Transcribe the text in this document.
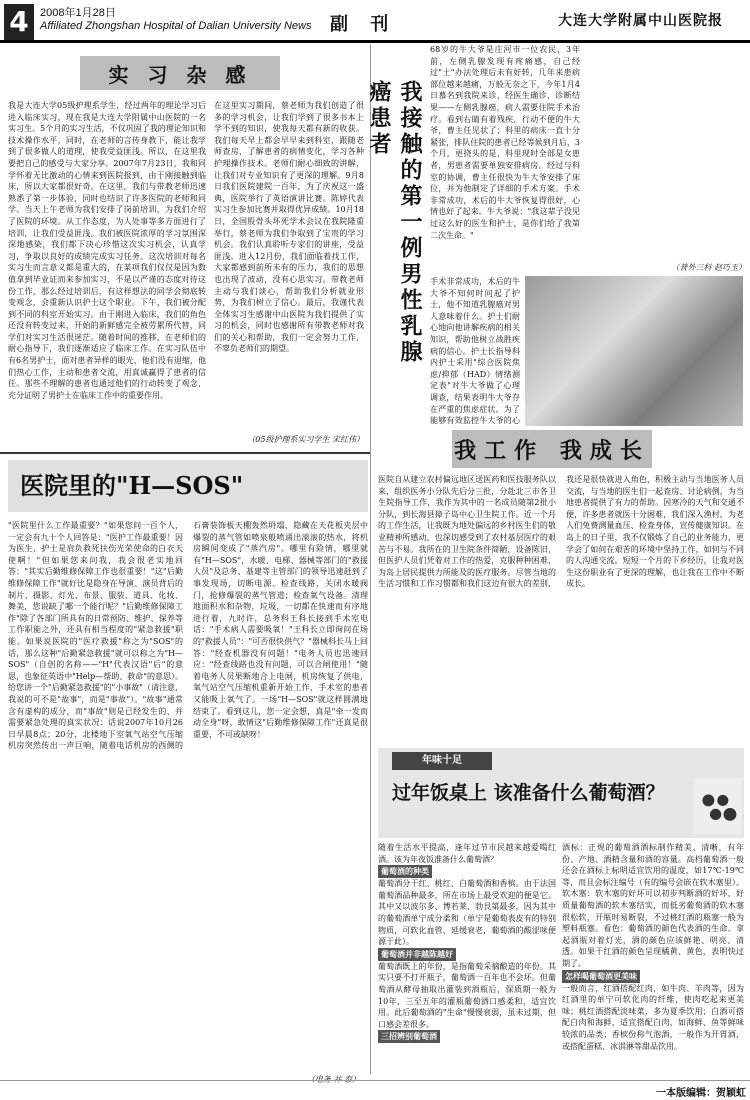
4	2008年1月28日
Affiliated Zhongshan Hospital of Dalian University News 副 刊	大连大学附属中山医院报
实 习 杂 感
我是大连大学05级护理系学生，经过两年的理论学习后进入临床实习，现在我是大连大学附属中山医院的一名实习生。5个月的实习生活，不仅巩固了我的理论知识和技术操作水平，同时，在老师的言传身教下，能让我学到了很多做人的道理，使我受益匪浅。所以，在这里我要把自己的感受与大家分享。2007年7月23日，我和同学怀着无比激动的心情来到医院报到，由于刚接触到临床，所以大家都很好奇。在这里，我们与带教老师迅速熟悉了第一步体验，同时也结识了许多医院的老师和同学。当天上午老师为我们安排了岗前培训，为我们介绍了医院的环境。从工作态度，为人处事等多方面进行了培训，让我们受益匪浅。我们被医院浓厚的学习氛围深深地感染，我们都下决心珍惜这次实习机会，认真学习，争取以良好的成绩完成实习任务。这次培训对每名实习生而言意义都是重大的，在某项我们仅仅是因为数值拿到毕业证而来参加实习，不是以严谨的态度对待这份工作，那么经过培训后，有这样想法的同学会彻底转变观念，会重新认识护士这个职业。下午，我们被分配到不同的科室开始实习。由于刚进入临床，我们的角色还没有转变过来，开始的新鲜感完全被劳累所代替，同学们对实习生活很迷茫。随着时间的推移，在老师们的耐心指导下，我们逐渐适应了临床工作。在实习队伍中有6名男护士，面对患者异样的眼光，他们没有退缩，他们热心工作，主动和患者交流，用真诚赢得了患者的信任。那些不理解的患者也通过他们的行动转变了观念，充分证明了男护士在临床工作中的重要作用。
在这里实习期间，蔡老师为我们创造了很多的学习机会，让我们学到了很多书本上学不到的知识，使我每天都有新的收获。我们每天早上都会早早来到科室，跟随老师查房，了解患者的病情变化，学习各种护理操作技术。老师们耐心细致的讲解，让我们对专业知识有了更深的理解。9月8日我们医院建院一百年，为了庆祝这一盛典，医院举行了英语演讲比赛。陈婷代表实习生参加比赛并取得优异成绩。10月18日，全国股骨头坏死学术会议在我院隆重举行，蔡老师为我们争取到了宝贵的学习机会。我们认真聆听专家们的讲座，受益匪浅。进入12月份，我们面临着找工作，大家都感到前所未有的压力，我们的思想也出现了波动，没有心思实习。带教老师主动与我们谈心，帮助我们分析就业形势，为我们树立了信心。最后，我谨代表全体实习生感谢中山医院为我们提供了实习的机会，同时也感谢所有带教老师对我们的关心和帮助，我们一定会努力工作，不辜负老师们的期望。
（05级护理系实习学生 宋红伟）
我接触的第一例男性乳腺癌患者
68岁的牛大爷是庄河市一位农民，3年前，左侧乳腺发现有疼痛感，自己经过"土"办法处理后未有好转，几年来患病部位越来越痛，万般无奈之下，今年1月4日慕名到我院来诊，经医生确诊，诊断结果——左侧乳腺癌，病人需要住院手术治疗。看到右睛有着残疾，行动不便的牛大爷，曹主任见状了；科里的病床一直十分紧张，排队住院的患者已经等候到月后，3个月，更挠头的是，科里现时全部是女患者，男患者需要单独安排病房。经过与科室的协调，曹主任很快为牛大爷安排了床位，并为他制定了详细的手术方案。手术非常成功，术后的牛大爷恢复得很好，心情也好了起来。牛大爷说："我这辈子没见过这么好的医生和护士，是你们给了我第二次生命。"
手术非常成功，术后的牛大爷不知何时问起了护士，他不知道乳腺癌对男人意味着什么。护士们耐心地向他讲解疾病的相关知识，帮助他树立战胜疾病的信心。护士长指导科内护士采用"综合医院焦虑/抑郁（HAD）情绪测定表"对牛大爷做了心理调查，结果表明牛大爷存在严重的焦虑症状。为了能够有效监控牛大爷的心
（普外三科 赵巧玉）
我工作 我成长
医院自从建立农村偏远地区送医药和医技服务队以来，组织医务小分队先后分三批，分赴北三市各卫生院指导工作，我作为其中的一名成员随第2批小分队，到长海县獐子岛中心卫生院工作。近一个月的工作生活，让我既为地处偏远的乡村医生们的敬业精神所感动，也深切感受到了农村基层医疗的艰苦与不易。我所在的卫生院条件简陋，设备陈旧，但医护人员们凭着对工作的热爱，克服种种困难，为岛上居民提供力所能及的医疗服务。尽管当地的生活习惯和工作习惯都和我们这边有很大的差别，我还是很快就进入角色，积极主动与当地医务人员交流，与当地的医生们一起查房、讨论病例，为当地患者提供了有力的帮助。因寒冷的天气和交通不便，许多患者就医十分困难，我们深入渔村，为老人们免费测量血压、检查身体，宣传健康知识。在岛上的日子里，我不仅锻炼了自己的业务能力，更学会了如何在艰苦的环境中坚持工作，如何与不同的人沟通交流。短短一个月的下乡经历，让我对医生这份职业有了更深的理解，也让我在工作中不断成长。
医院里的"H—SOS"
"医院里什么工作最重要？"如果您问一百个人，一定会有九十个人回答是："医护工作最重要！因为医生、护士是肩负救死扶伤光荣使命的白衣天使啊！"但如果您来问我，我会很老实地回答："其实后勤维修保障工作也很重要！"这"后勤维修保障工作"就好比是隐身在导演、演员背后的制片、摄影、灯光、布景、服装、道具、化妆、舞美，您说缺了哪一个能行呢？"后勤维修保障工作"除了各部门所具有的日常预防、维护、保养等工作职能之外，还具有相当程度的"紧急救援"职能。如果说医院的"医疗救援"称之为"SOS"的话，那么这种"后勤紧急救援"就可以称之为"H—SOS"（自创的名称——"H"代表汉语"后"的意思，也象征英语中"Help—帮助、救命"的意思）。给您讲一个"后勤紧急救援"的"小事故"（请注意，我说的可不是"故事"，而是"事故"）。"故事"通常含有虚构的成分，而"事故"则是已经发生的、并需要紧急处理的真实状况：话说2007年10月26日早晨8点；20分，北楼地下室氧气站空气压缩机房突然传出一声巨响，随着电话机房的西侧的石膏装饰板天棚轰然坍塌，隐藏在天花板夹层中爆裂的蒸气管如喷泉般喷涌出滚滚的热水，将机房瞬间变成了"蒸汽房"。哪里有险情，哪里就有"H—SOS"，水暖、电梯、器械等部门的"救援人员"及总务、基建等主管部门的领导迅速赶到了事发现场，切断电源、检查线路，关闭水暖阀门，抢修爆裂的蒸气管道；检查氧气设备。清理地面积水和杂物，垃圾，一切都在快速而有序地进行着，九时许，总务科王科长接到手术室电话："手术病人需要吸氧！"王科长立即询问在场的"救援人员"："可否很快供气？"器械科长马上回答："经查机器没有问题！"电务人员也迅速回应："经查线路也没有问题，可以合闸使用！"随着电务人员果断地合上电闸，机房恢复了供电，氧气站空气压缩机重新开始工作，手术室的患者又能吸上氧气了。一场"H—SOS"就这样圆满地结束了。看到这儿，您一定会想，真是"牵一发而动全身"呀，敢情这"后勤维修保障工作"还真是很重要，不可或缺呀！
年味十足
过年饭桌上 该准备什么葡萄酒？
随着生活水平提高，逢年过节市民越来越爱喝红酒。该为年夜饭准备什么葡萄酒？
葡萄酒的种类
葡萄酒分干红、桃红、白葡萄酒和香槟。由于法国葡萄酒品种最多，所在市场上最受欢迎的便是它。其中又以波尔多、博若莱、勃艮第最多，因为其中的葡萄酒单宁成分柔和（单宁是葡萄表皮有的特别物质，可软化血管、延缓衰老，葡萄酒的酸涩味便源于此）。
葡萄酒并非越陈越好
葡萄酒既上的年份，是指葡萄采摘酿造的年份。其实只要不打开瓶子，葡萄酒一百年也不会坏。但葡萄酒从酵母抽取出灌装到酒瓶后，保质期一般为10年，三至五年的灌瓶葡萄酒口感柔和，适宜饮用。此后葡萄酒的"生命"慢慢衰弱，虽未过期，但口感会差很多。
三招辨别葡萄酒
酒标：正规的葡萄酒酒标制作精美、清晰，有年份、产地、酒精含量和酒的容量。高档葡萄酒一般还会在酒标上标明适宜饮用的温度，如17℃-19℃等，而且会标注编号（有的编号会嵌在软木塞里）。软木塞：软木塞的好坏可以初步判断酒的好坏，好质量葡萄酒的软木塞结实，而低劣葡萄酒的软木塞很松软，开瓶时易断裂，不过桃红酒的瓶塞一般为塑料瓶塞。看色：葡萄酒的颜色代表酒的生命。拿起酒瓶对着灯光，酒的颜色应该鲜艳、明亮、清透。如果干红酒的颜色呈现橘黄、黄色，表明快过期了。
怎样喝葡萄酒更美味
一般而言，红酒搭配红肉，如牛肉、羊肉等，因为红酒里的单宁可软化肉的纤维，使肉吃起来更美味；桃红酒搭配淡味菜，多为夏季饮用；白酒可搭配白肉和海鲜，适宜搭配白肉，如海鲜、鱼等鲜味较浓的品类；香槟份称气泡酒，一般作为开胃酒，或搭配蛋糕、冰淇淋等甜品饮用。
一本版编辑：贺颖虹
